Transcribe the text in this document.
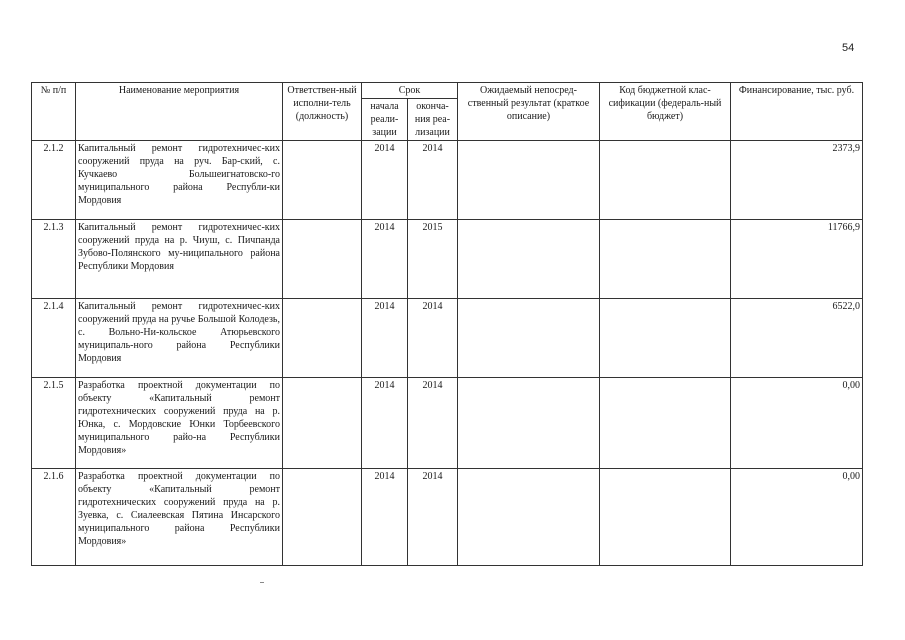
54
№ п/п	Наименование мероприятия	Ответствен-ный исполни-тель (должность)	Срок		Ожидаемый непосред-ственный результат (краткое описание)	Код бюджетной клас-сификации (федераль-ный бюджет)	Финансирование, тыс. руб.
			начала реали-зации	оконча-ния реа-лизации			
2.1.2	Капитальный ремонт гидротехничес-ких сооружений пруда на руч. Бар-ский, с. Кучкаево Большеигнатовско-го муниципального района Республи-ки Мордовия		2014	2014			2373,9
2.1.3	Капитальный ремонт гидротехничес-ких сооружений пруда на р. Чиуш, с. Пичпанда Зубово-Полянского му-ниципального района Республики Мордовия		2014	2015			11766,9
2.1.4	Капитальный ремонт гидротехничес-ких сооружений пруда на ручье Большой Колодезь, с. Вольно-Ни-кольское Атюрьевского муниципаль-ного района Республики Мордовия		2014	2014			6522,0
2.1.5	Разработка проектной документации по объекту «Капитальный ремонт гидротехнических сооружений пруда на р. Юнка, с. Мордовские Юнки Торбеевского муниципального райо-на Республики Мордовия»		2014	2014			0,00
2.1.6	Разработка проектной документации по объекту «Капитальный ремонт гидротехнических сооружений пруда на р. Зуевка, с. Сиалеевская Пятина Инсарского муниципального района Республики Мордовия»		2014	2014			0,00
